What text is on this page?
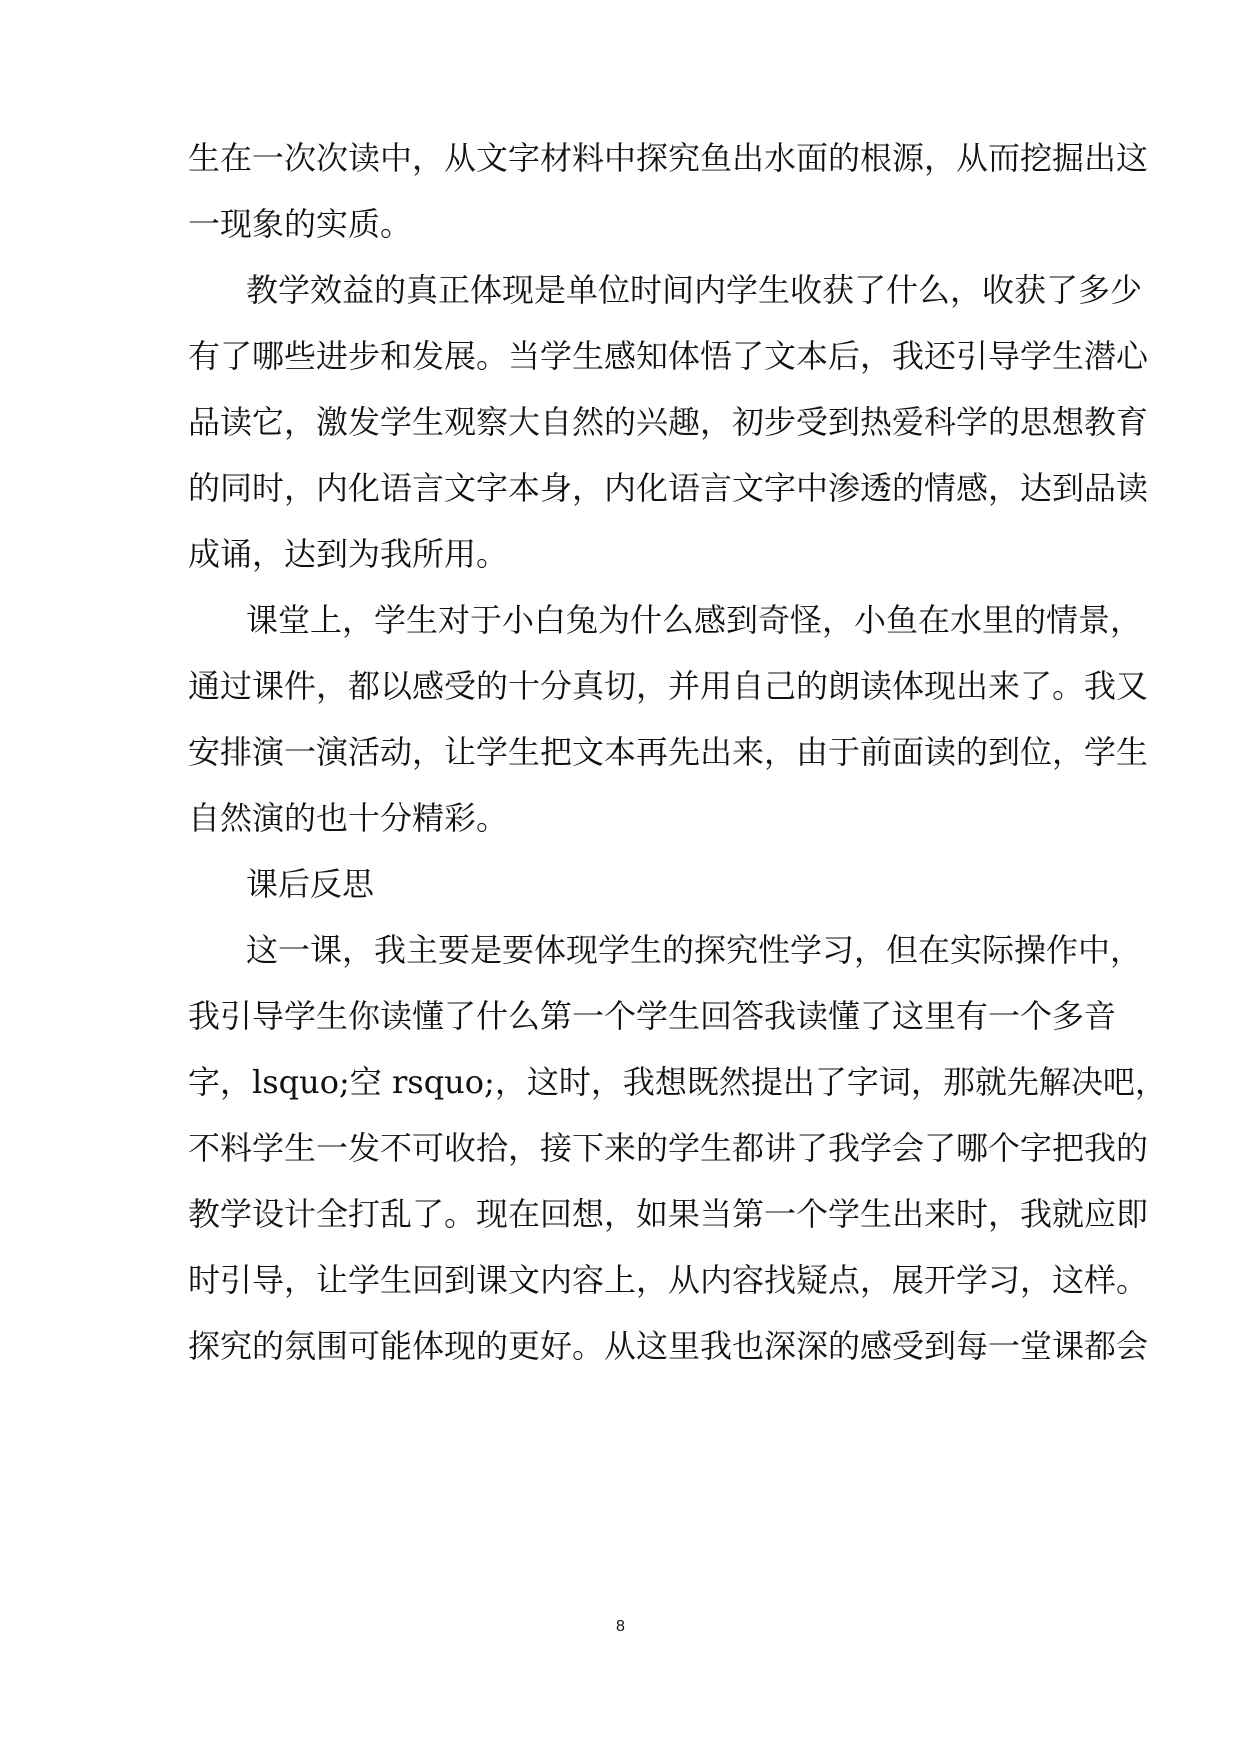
生在一次次读中，从文字材料中探究鱼出水面的根源，从而挖掘出这
一现象的实质。
教学效益的真正体现是单位时间内学生收获了什么，收获了多少
有了哪些进步和发展。当学生感知体悟了文本后，我还引导学生潜心
品读它，激发学生观察大自然的兴趣，初步受到热爱科学的思想教育
的同时，内化语言文字本身，内化语言文字中渗透的情感，达到品读
成诵，达到为我所用。
课堂上，学生对于小白兔为什么感到奇怪，小鱼在水里的情景，
通过课件，都以感受的十分真切，并用自己的朗读体现出来了。我又
安排演一演活动，让学生把文本再先出来，由于前面读的到位，学生
自然演的也十分精彩。
课后反思
这一课，我主要是要体现学生的探究性学习，但在实际操作中，
我引导学生你读懂了什么第一个学生回答我读懂了这里有一个多音
字，lsquo;空 rsquo;，这时，我想既然提出了字词，那就先解决吧，
不料学生一发不可收拾，接下来的学生都讲了我学会了哪个字把我的
教学设计全打乱了。现在回想，如果当第一个学生出来时，我就应即
时引导，让学生回到课文内容上，从内容找疑点，展开学习，这样。
探究的氛围可能体现的更好。从这里我也深深的感受到每一堂课都会
8
